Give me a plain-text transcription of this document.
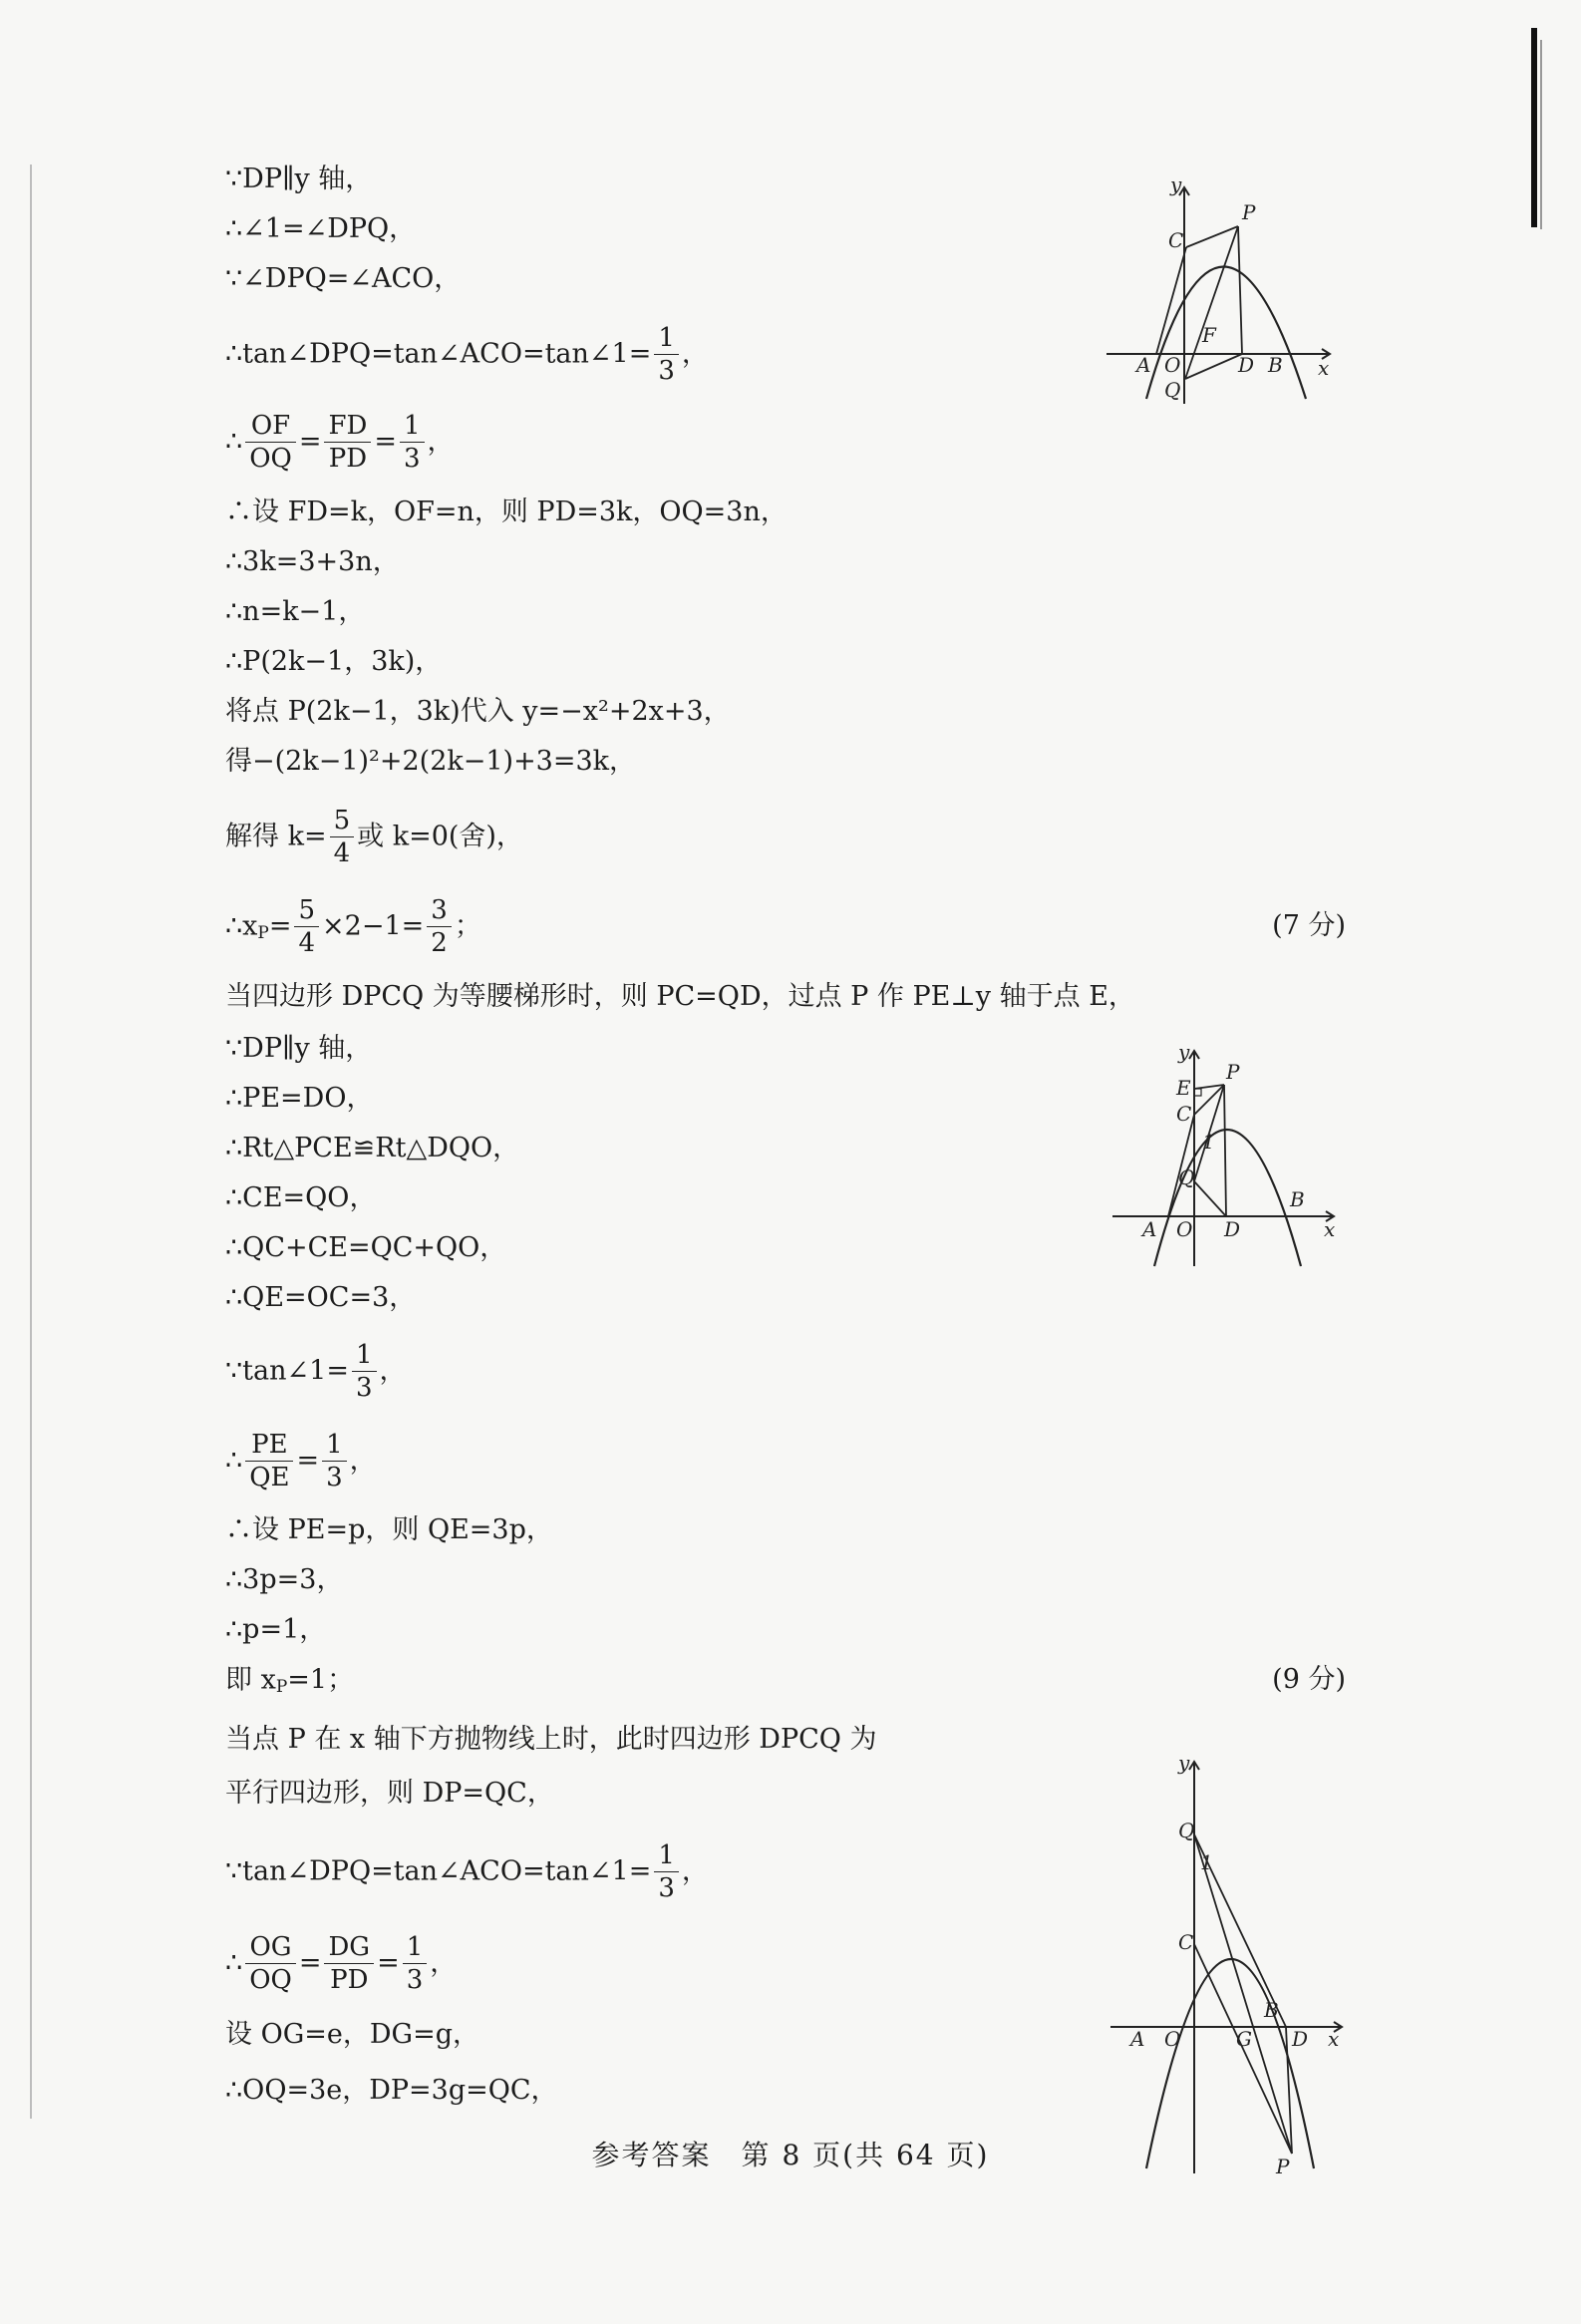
∵DP∥y 轴，
∴∠1=∠DPQ，
∵∠DPQ=∠ACO，
∴tan∠DPQ=tan∠ACO=tan∠1= $\frac{1}{3}$ ，
∴ $\frac{OF}{OQ} = \frac{FD}{PD} = \frac{1}{3}$ ，
∴设 FD=k，OF=n，则 PD=3k，OQ=3n，
∴3k=3+3n，
∴n=k−1，
∴P(2k−1，3k)，
将点 P(2k−1，3k)代入 y=−x²+2x+3，
得−(2k−1)²+2(2k−1)+3=3k，
解得 $k= \frac{5}{4}$ 或 k=0(舍)，
$\therefore x_P= \frac{5}{4} \times 2-1= \frac{3}{2}$ ；	(7 分)
当四边形 DPCQ 为等腰梯形时，则 PC=QD，过点 P 作 PE⊥y 轴于点 E，
∵DP∥y 轴，
∴PE=DO，
∴Rt△PCE≌Rt△DQO，
∴CE=QO，
∴QC+CE=QC+QO，
∴QE=OC=3，
∵tan∠1= $\frac{1}{3}$ ，
∴ $\frac{PE}{QE} = \frac{1}{3}$ ，
∴设 PE=p，则 QE=3p，
∴3p=3，
∴p=1，
即 $x_P=1$；	(9 分)
当点 P 在 x 轴下方抛物线上时，此时四边形 DPCQ 为
平行四边形，则 DP=QC，
∵tan∠DPQ=tan∠ACO=tan∠1= $\frac{1}{3}$ ，
∴ $\frac{OG}{OQ} = \frac{DG}{PD} = \frac{1}{3}$ ，
设 OG=e，DG=g，
∴OQ=3e，DP=3g=QC，
y
C
P
F
A O	D B x
Q
y
E
P
C
1
Q
A O D
B
x
y
Q
1
C
A O	G
B
D x
P
参考答案　第 8 页(共 64 页)
